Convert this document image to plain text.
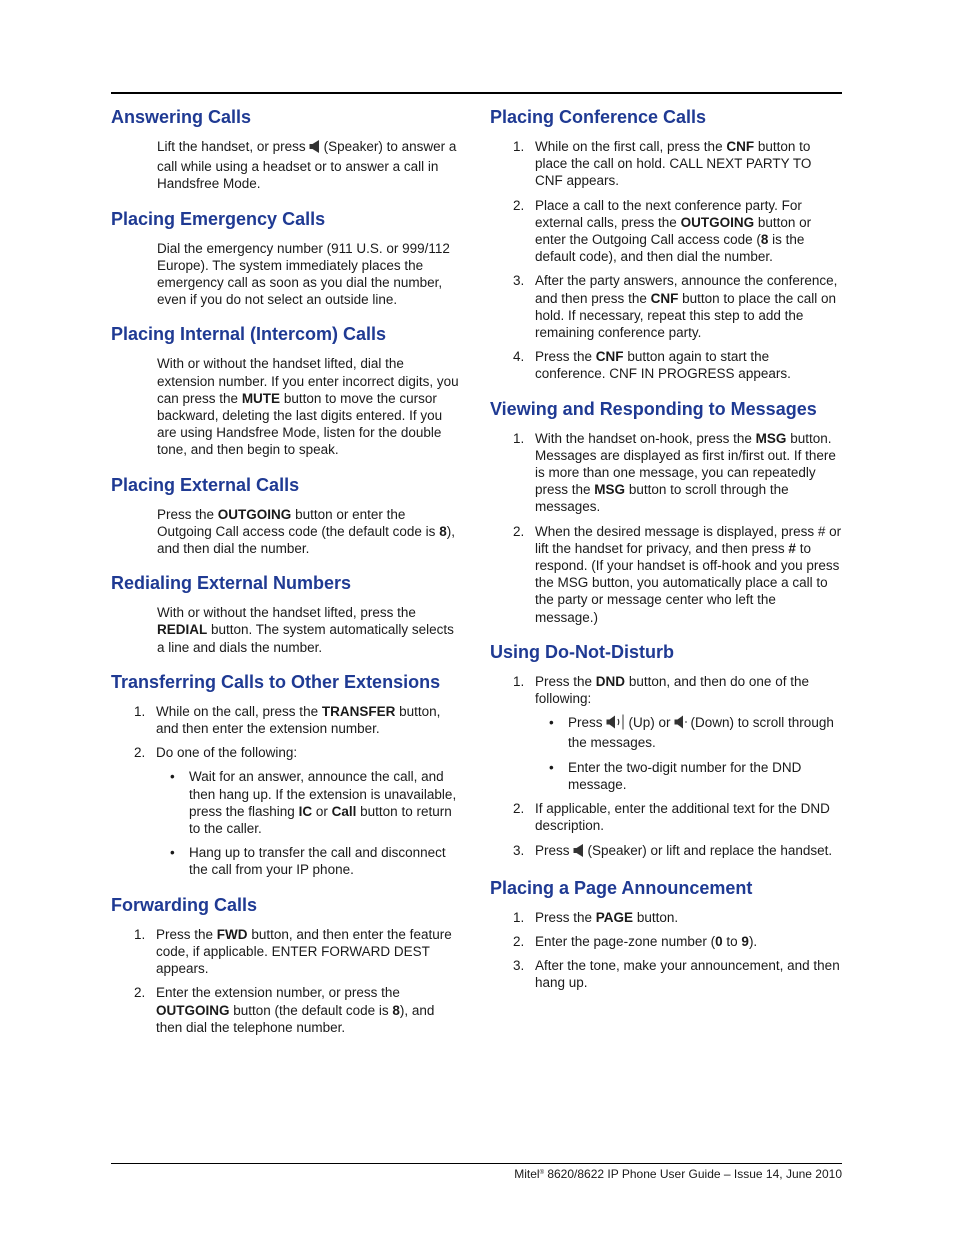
Answering Calls

Lift the handset, or press (Speaker) to answer a call while using a headset or to answer a call in Handsfree Mode.

Placing Emergency Calls

Dial the emergency number (911 U.S. or 999/112 Europe). The system immediately places the emergency call as soon as you dial the number, even if you do not select an outside line.

Placing Internal (Intercom) Calls

With or without the handset lifted, dial the extension number. If you enter incorrect digits, you can press the MUTE button to move the cursor backward, deleting the last digits entered. If you are using Handsfree Mode, listen for the double tone, and then begin to speak.

Placing External Calls

Press the OUTGOING button or enter the Outgoing Call access code (the default code is 8), and then dial the number.

Redialing External Numbers

With or without the handset lifted, press the REDIAL button. The system automatically selects a line and dials the number.

Transferring Calls to Other Extensions
1. While on the call, press the TRANSFER button, and then enter the extension number.
2. Do one of the following:
• Wait for an answer, announce the call, and then hang up. If the extension is unavailable, press the flashing IC or Call button to return to the caller.
• Hang up to transfer the call and disconnect the call from your IP phone.
Forwarding Calls
1. Press the FWD button, and then enter the feature code, if applicable. ENTER FORWARD DEST appears.
2. Enter the extension number, or press the OUTGOING button (the default code is 8), and then dial the telephone number.
Placing Conference Calls
1. While on the first call, press the CNF button to place the call on hold. CALL NEXT PARTY TO CNF appears.
2. Place a call to the next conference party. For external calls, press the OUTGOING button or enter the Outgoing Call access code (8 is the default code), and then dial the number.
3. After the party answers, announce the conference, and then press the CNF button to place the call on hold. If necessary, repeat this step to add the remaining conference party.
4. Press the CNF button again to start the conference. CNF IN PROGRESS appears.
Viewing and Responding to Messages
1. With the handset on-hook, press the MSG button. Messages are displayed as first in/first out. If there is more than one message, you can repeatedly press the MSG button to scroll through the messages.
2. When the desired message is displayed, press # or lift the handset for privacy, and then press # to respond. (If your handset is off-hook and you press the MSG button, you automatically place a call to the party or message center who left the message.)
Using Do-Not-Disturb
1. Press the DND button, and then do one of the following:
• Press (Up) or (Down) to scroll through the messages.
• Enter the two-digit number for the DND message.
2. If applicable, enter the additional text for the DND description.
3. Press (Speaker) or lift and replace the handset.
Placing a Page Announcement
1. Press the PAGE button.
2. Enter the page-zone number (0 to 9).
3. After the tone, make your announcement, and then hang up.
Mitel® 8620/8622 IP Phone User Guide – Issue 14, June 2010
